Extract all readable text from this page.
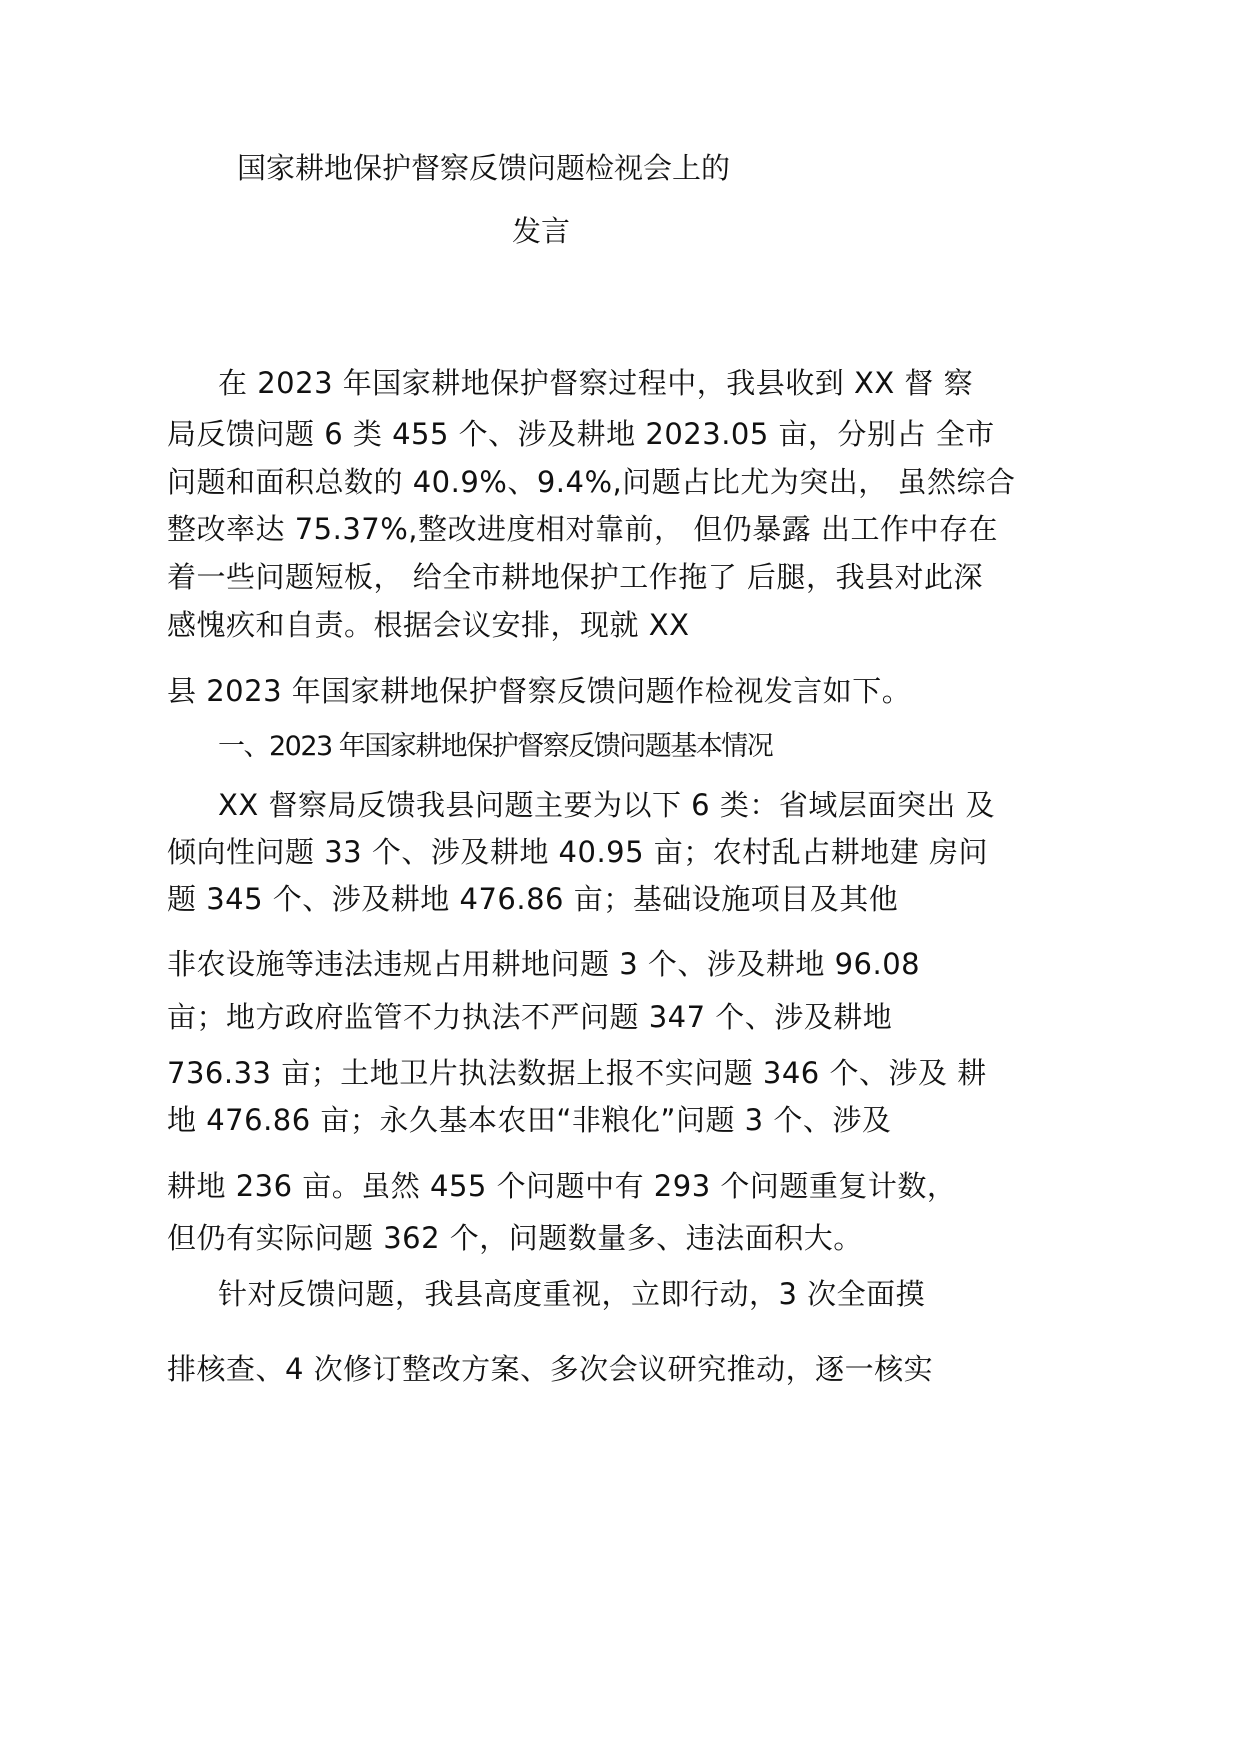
国家耕地保护督察反馈问题检视会上的
发言
在 2023 年国家耕地保护督察过程中，我县收到 XX 督 察
局反馈问题 6 类 455 个、涉及耕地 2023.05 亩，分别占 全市
问题和面积总数的 40.9%、9.4%,问题占比尤为突出， 虽然综合
整改率达 75.37%,整改进度相对靠前， 但仍暴露 出工作中存在
着一些问题短板， 给全市耕地保护工作拖了 后腿，我县对此深
感愧疚和自责。根据会议安排，现就 XX
县 2023 年国家耕地保护督察反馈问题作检视发言如下。
一、2023 年国家耕地保护督察反馈问题基本情况
XX 督察局反馈我县问题主要为以下 6 类：省域层面突出 及
倾向性问题 33 个、涉及耕地 40.95 亩；农村乱占耕地建 房问
题 345 个、涉及耕地 476.86 亩；基础设施项目及其他
非农设施等违法违规占用耕地问题 3 个、涉及耕地 96.08
亩；地方政府监管不力执法不严问题 347 个、涉及耕地
736.33 亩；土地卫片执法数据上报不实问题 346 个、涉及 耕
地 476.86 亩；永久基本农田“非粮化”问题 3 个、涉及
耕地 236 亩。虽然 455 个问题中有 293 个问题重复计数，
但仍有实际问题 362 个，问题数量多、违法面积大。
针对反馈问题，我县高度重视，立即行动，3 次全面摸
排核查、4 次修订整改方案、多次会议研究推动，逐一核实
